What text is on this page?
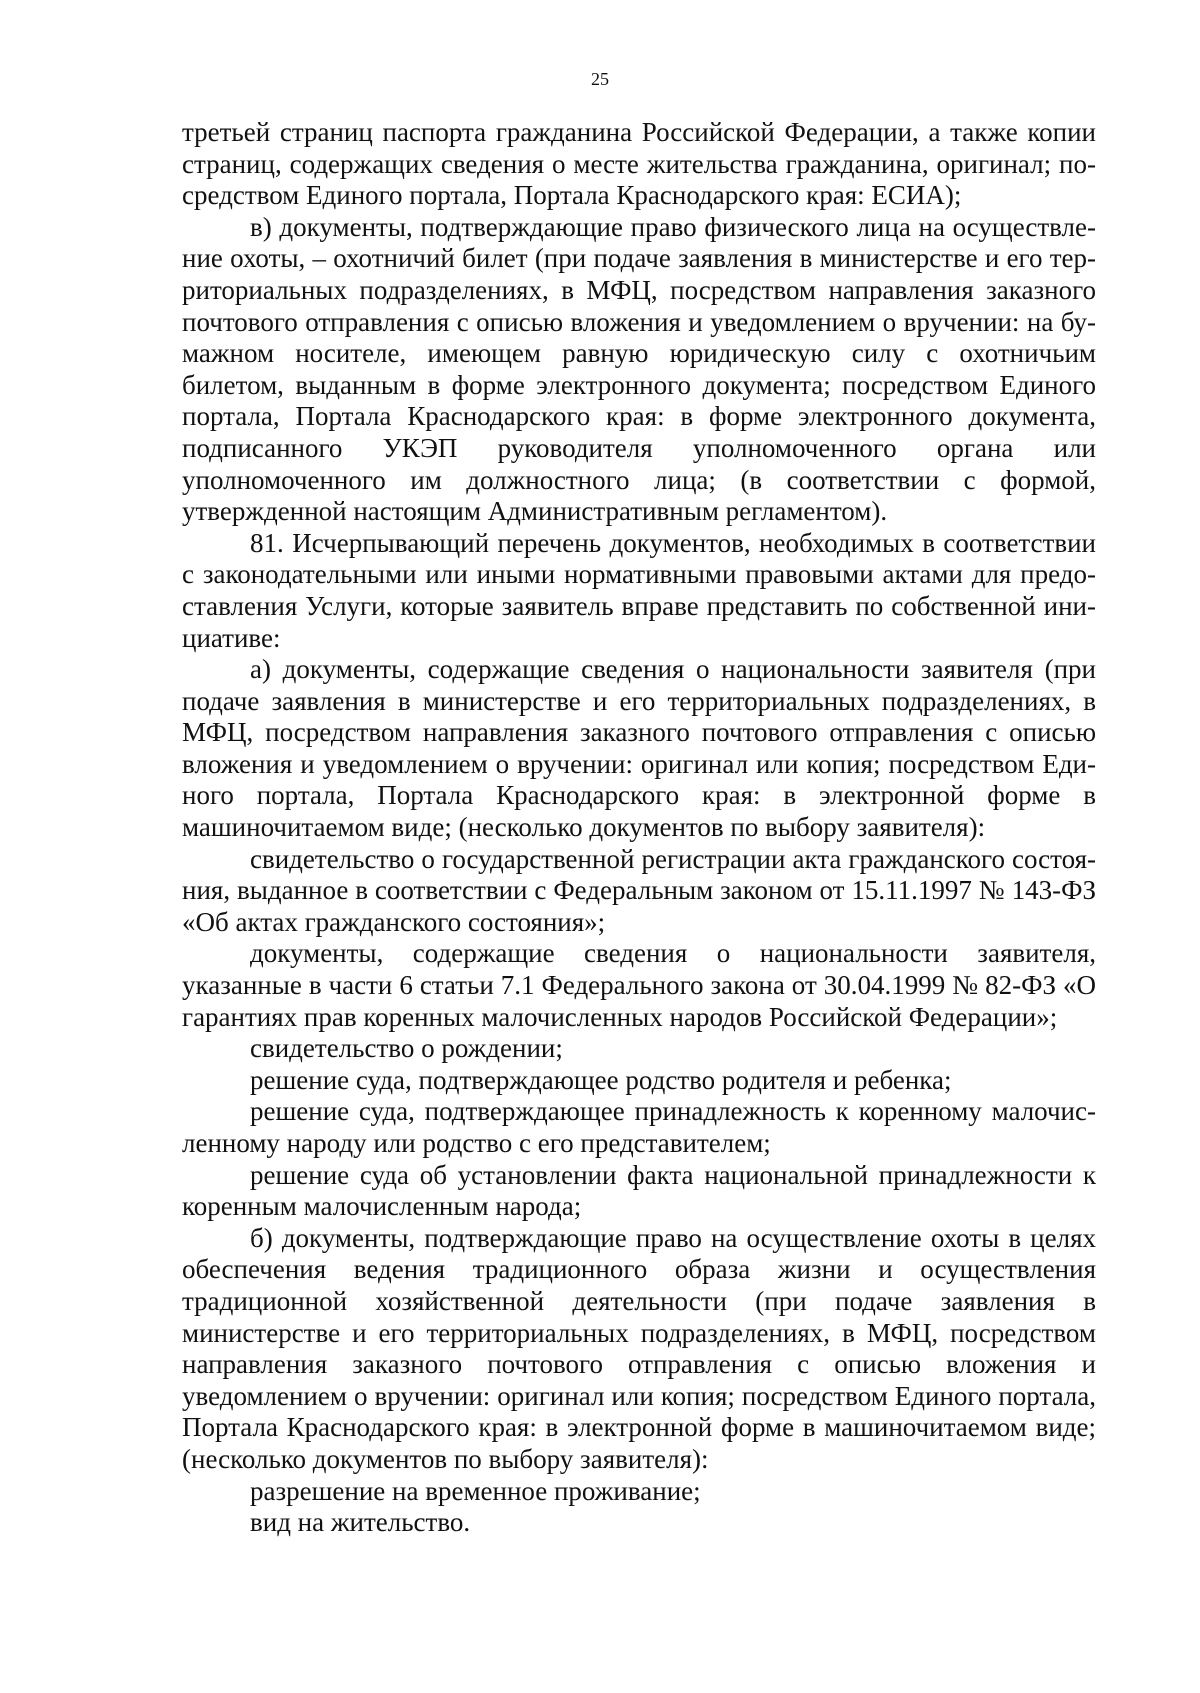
25

третьей страниц паспорта гражданина Российской Федерации, а также копии страниц, содержащих сведения о месте жительства гражданина, оригинал; посредством Единого портала, Портала Краснодарского края: ЕСИА);

в) документы, подтверждающие право физического лица на осуществление охоты, – охотничий билет (при подаче заявления в министерстве и его территориальных подразделениях, в МФЦ, посредством направления заказного почтового отправления с описью вложения и уведомлением о вручении: на бумажном носителе, имеющем равную юридическую силу с охотничьим билетом, выданным в форме электронного документа; посредством Единого портала, Портала Краснодарского края: в форме электронного документа, подписанного УКЭП руководителя уполномоченного органа или уполномоченного им должностного лица; (в соответствии с формой, утвержденной настоящим Административным регламентом).

81. Исчерпывающий перечень документов, необходимых в соответствии с законодательными или иными нормативными правовыми актами для предоставления Услуги, которые заявитель вправе представить по собственной инициативе:

а) документы, содержащие сведения о национальности заявителя (при подаче заявления в министерстве и его территориальных подразделениях, в МФЦ, посредством направления заказного почтового отправления с описью вложения и уведомлением о вручении: оригинал или копия; посредством Единого портала, Портала Краснодарского края: в электронной форме в машиночитаемом виде; (несколько документов по выбору заявителя):

свидетельство о государственной регистрации акта гражданского состояния, выданное в соответствии с Федеральным законом от 15.11.1997 № 143-ФЗ «Об актах гражданского состояния»;

документы, содержащие сведения о национальности заявителя, указанные в части 6 статьи 7.1 Федерального закона от 30.04.1999 № 82-ФЗ «О гарантиях прав коренных малочисленных народов Российской Федерации»;

свидетельство о рождении;

решение суда, подтверждающее родство родителя и ребенка;

решение суда, подтверждающее принадлежность к коренному малочисленному народу или родство с его представителем;

решение суда об установлении факта национальной принадлежности к коренным малочисленным народа;

б) документы, подтверждающие право на осуществление охоты в целях обеспечения ведения традиционного образа жизни и осуществления традиционной хозяйственной деятельности (при подаче заявления в министерстве и его территориальных подразделениях, в МФЦ, посредством направления заказного почтового отправления с описью вложения и уведомлением о вручении: оригинал или копия; посредством Единого портала, Портала Краснодарского края: в электронной форме в машиночитаемом виде; (несколько документов по выбору заявителя):

разрешение на временное проживание;

вид на жительство.
